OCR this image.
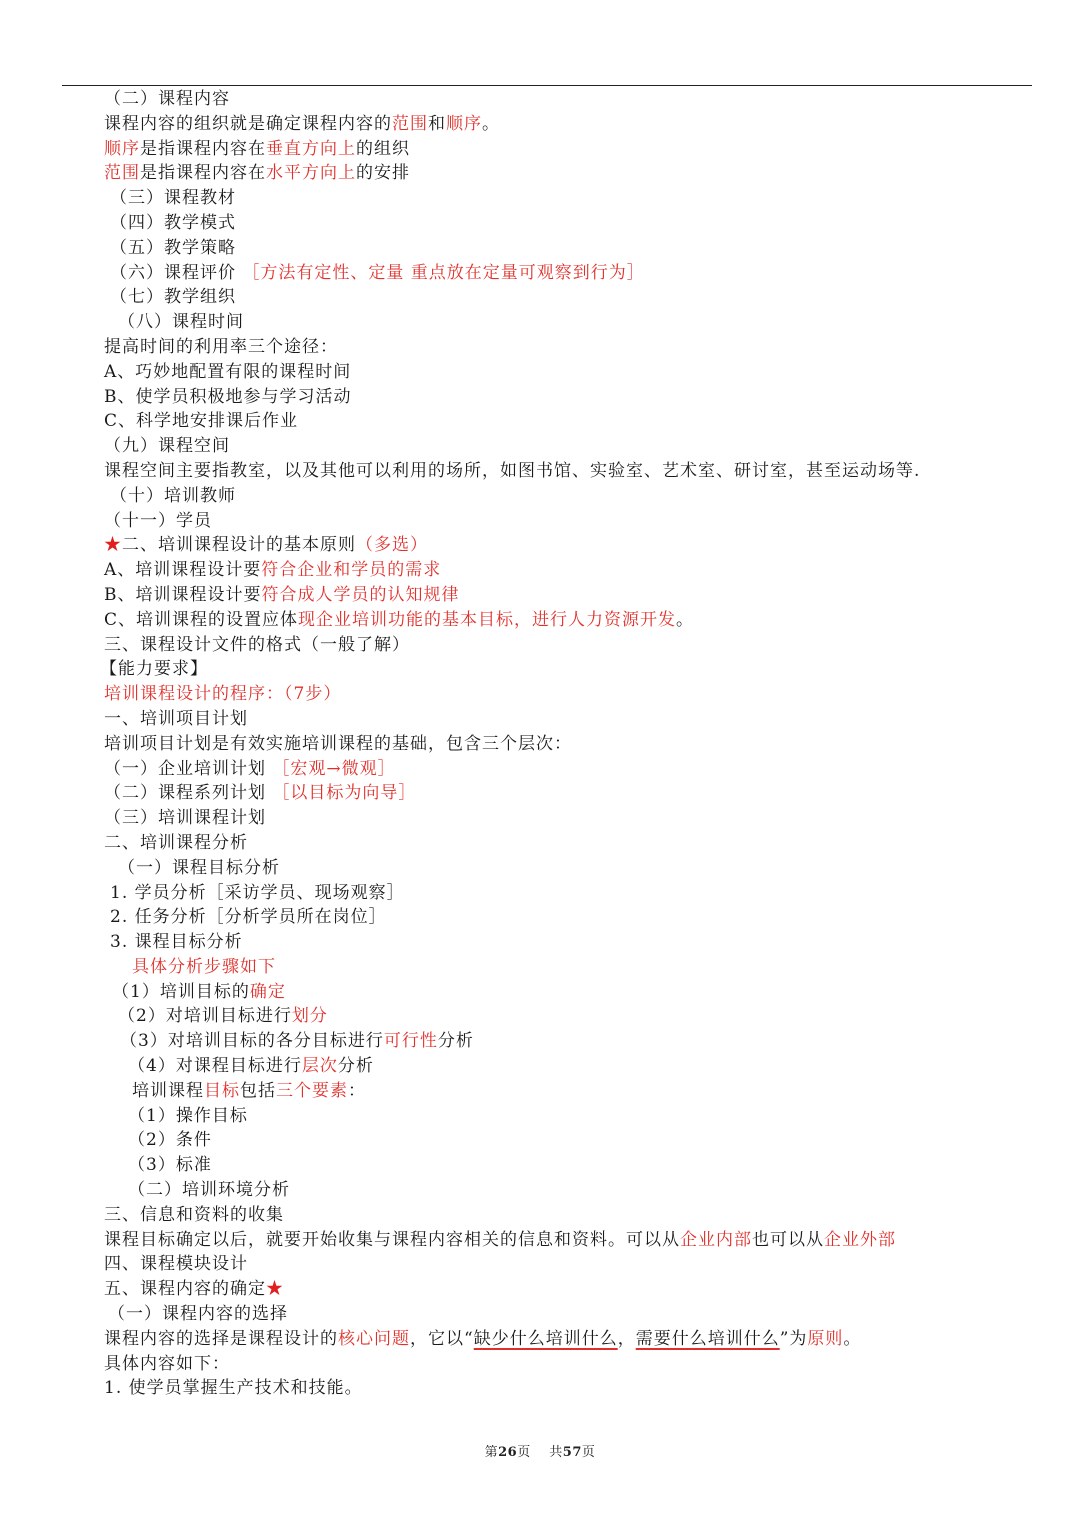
（二）课程内容
课程内容的组织就是确定课程内容的范围和顺序。
顺序是指课程内容在垂直方向上的组织
范围是指课程内容在水平方向上的安排
（三）课程教材
（四）教学模式
（五）教学策略
（六）课程评价 ［方法有定性、定量 重点放在定量可观察到行为］
（七）教学组织
（八）课程时间
提高时间的利用率三个途径：
A、巧妙地配置有限的课程时间
B、使学员积极地参与学习活动
C、科学地安排课后作业
（九）课程空间
课程空间主要指教室，以及其他可以利用的场所，如图书馆、实验室、艺术室、研讨室，甚至运动场等.
（十）培训教师
（十一）学员
★二、培训课程设计的基本原则（多选）
A、培训课程设计要符合企业和学员的需求
B、培训课程设计要符合成人学员的认知规律
C、培训课程的设置应体现企业培训功能的基本目标，进行人力资源开发。
三、课程设计文件的格式（一般了解）
【能力要求】
培训课程设计的程序：（7步）
一、培训项目计划
培训项目计划是有效实施培训课程的基础，包含三个层次：
（一）企业培训计划 ［宏观→微观］
（二）课程系列计划 ［以目标为向导］
（三）培训课程计划
二、培训课程分析
（一）课程目标分析
1. 学员分析［采访学员、现场观察］
2. 任务分析［分析学员所在岗位］
3. 课程目标分析
具体分析步骤如下
（1）培训目标的确定
（2）对培训目标进行划分
（3）对培训目标的各分目标进行可行性分析
（4）对课程目标进行层次分析
培训课程目标包括三个要素：
（1）操作目标
（2）条件
（3）标准
（二）培训环境分析
三、信息和资料的收集
课程目标确定以后，就要开始收集与课程内容相关的信息和资料。可以从企业内部也可以从企业外部
四、课程模块设计
五、课程内容的确定★
（一）课程内容的选择
课程内容的选择是课程设计的核心问题，它以“缺少什么培训什么，需要什么培训什么”为原则。
具体内容如下：
1. 使学员掌握生产技术和技能。
第26页 共57页
